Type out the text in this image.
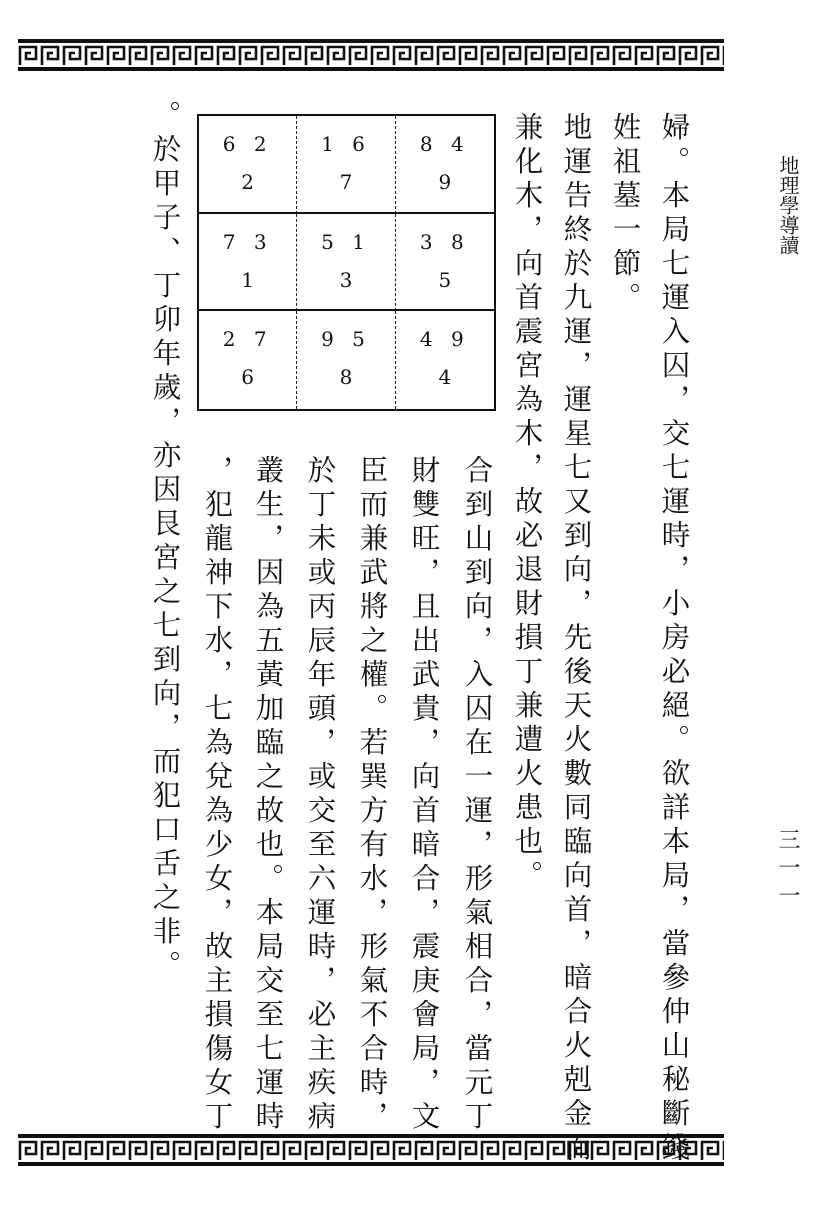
地理學導讀
三一一
婦。本局七運入囚，交七運時，小房必絕。欲詳本局，當參仲山秘斷錢
姓祖墓一節。
地運告終於九運，運星七又到向，先後天火數同臨向首，暗合火剋金而
兼化木，向首震宮為木，故必退財損丁兼遭火患也。
合到山到向，入囚在一運，形氣相合，當元丁
財雙旺，且出武貴，向首暗合，震庚會局，文
臣而兼武將之權。若巽方有水，形氣不合時，
於丁未或丙辰年頭，或交至六運時，必主疾病
叢生，因為五黃加臨之故也。本局交至七運時
，犯龍神下水，七為兌為少女，故主損傷女丁
。於甲子、丁卯年歲，亦因艮宮之七到向，而犯口舌之非。	6 2
2
1 6
7
8 4
9
7 3
1
5 1
3
3 8
5
2 7
6
9 5
8
4 9
4
